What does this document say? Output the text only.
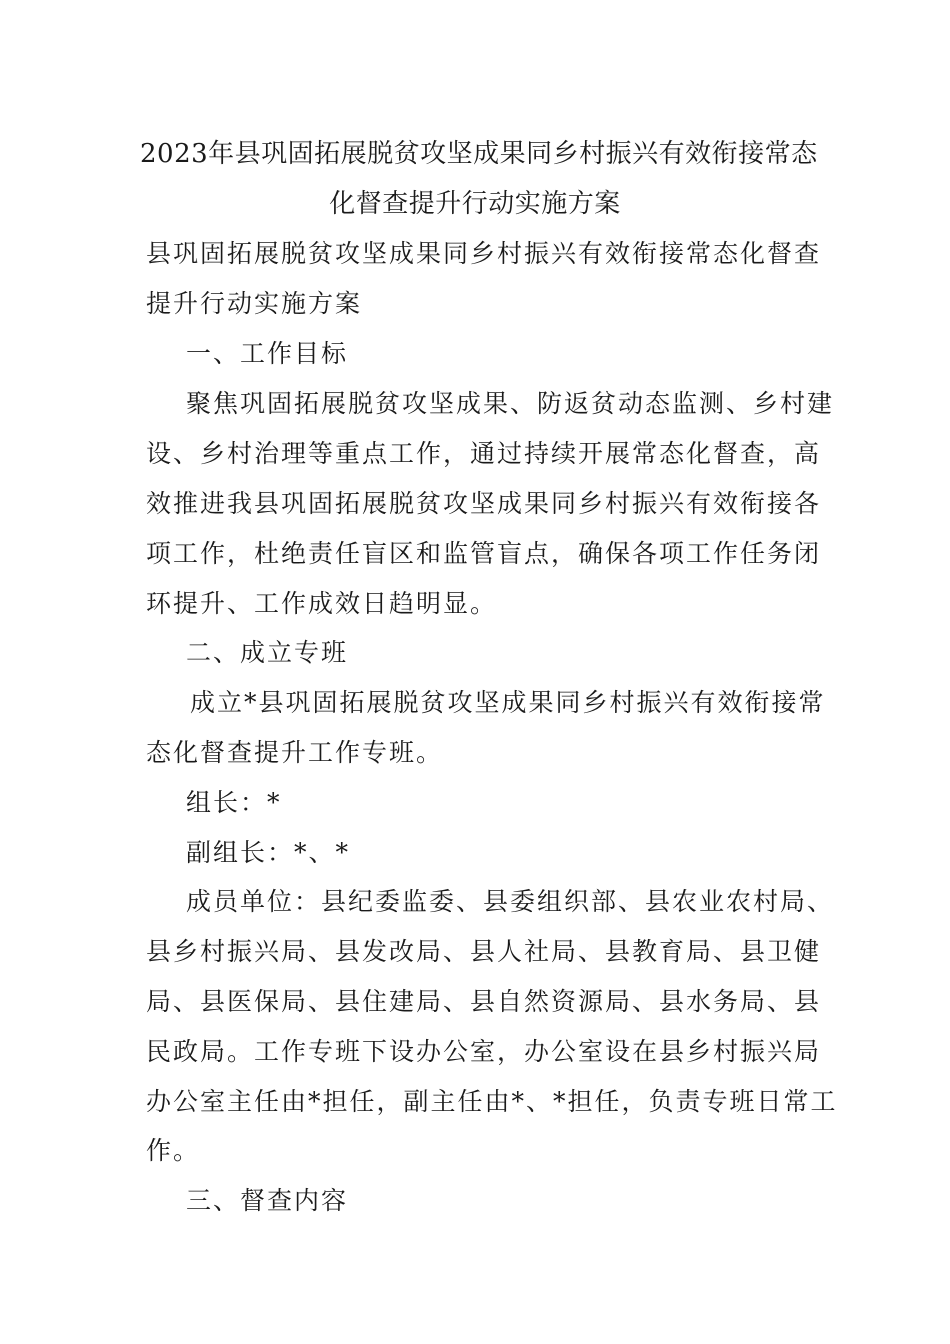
2023年县巩固拓展脱贫攻坚成果同乡村振兴有效衔接常态
化督查提升行动实施方案
县巩固拓展脱贫攻坚成果同乡村振兴有效衔接常态化督查
提升行动实施方案
一、工作目标
聚焦巩固拓展脱贫攻坚成果、防返贫动态监测、乡村建
设、乡村治理等重点工作，通过持续开展常态化督查，高
效推进我县巩固拓展脱贫攻坚成果同乡村振兴有效衔接各
项工作，杜绝责任盲区和监管盲点，确保各项工作任务闭
环提升、工作成效日趋明显。
二、成立专班
成立*县巩固拓展脱贫攻坚成果同乡村振兴有效衔接常
态化督查提升工作专班。
组长：*
副组长：*、*
成员单位：县纪委监委、县委组织部、县农业农村局、
县乡村振兴局、县发改局、县人社局、县教育局、县卫健
局、县医保局、县住建局、县自然资源局、县水务局、县
民政局。工作专班下设办公室，办公室设在县乡村振兴局
办公室主任由*担任，副主任由*、*担任，负责专班日常工
作。
三、督查内容
